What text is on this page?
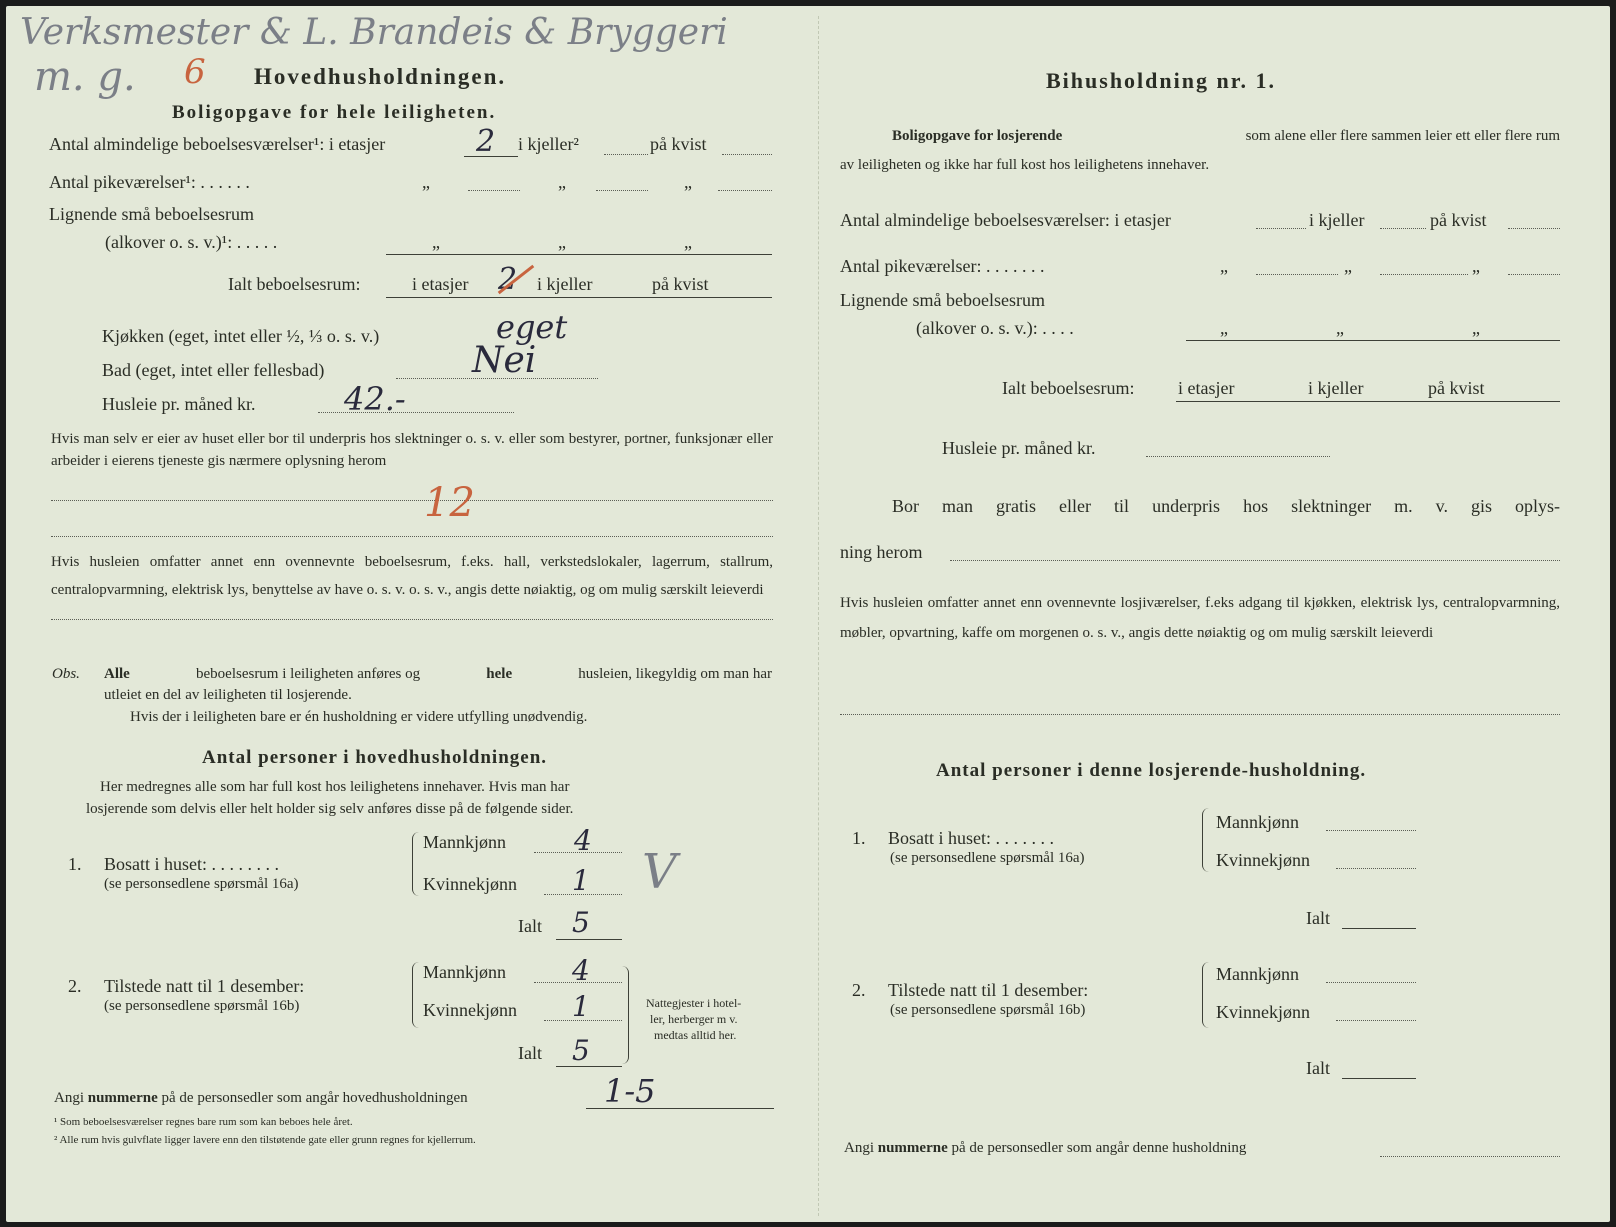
Verksmester & L. Brandeis & Bryggeri
m. g. 6 Hovedhusholdningen.
Boligopgave for hele leiligheten.
Antal almindelige beboelsesværelser¹: i etasjer	2 i kjeller²	på kvist
Antal pikeværelser¹: . . . . . .	„	„	„
Lignende små beboelsesrum
(alkover o. s. v.)¹: . . . . .	„	„	„
Ialt beboelsesrum:	i etasjer 2 i kjeller	på kvist
Kjøkken (eget, intet eller ½, ⅓ o. s. v.)	eget
Bad (eget, intet eller fellesbad)	Nei
Husleie pr. måned kr.	42.-
Hvis man selv er eier av huset eller bor til underpris hos slektninger o. s. v. eller som bestyrer, portner, funksjonær eller arbeider i eierens tjeneste gis nærmere oplysning herom
12
Hvis husleien omfatter annet enn ovennevnte beboelsesrum, f.eks. hall, verkstedslokaler, lagerrum, stallrum, centralopvarmning, elektrisk lys, benyttelse av have o. s. v. o. s. v., angis dette nøiaktig, og om mulig særskilt leieverdi
Obs. Alle	beboelsesrum i leiligheten anføres og	hele	husleien, likegyldig om man har
utleiet en del av leiligheten til losjerende.
Hvis der i leiligheten bare er én husholdning er videre utfylling unødvendig.
Antal personer i hovedhusholdningen.
Her medregnes alle som har full kost hos leilighetens innehaver. Hvis man har
losjerende som delvis eller helt holder sig selv anføres disse på de følgende sider.
1. Bosatt i huset: . . . . . . . .
(se personsedlene spørsmål 16a)
Mannkjønn 4
Kvinnekjønn 1
Ialt 5
V
2. Tilstede natt til 1 desember:
(se personsedlene spørsmål 16b)
Mannkjønn 4
Kvinnekjønn 1
Ialt 5
Nattegjester i hotel-
ler, herberger m v.
medtas alltid her.
Angi nummerne på de personsedler som angår hovedhusholdningen	1-5
¹ Som beboelsesværelser regnes bare rum som kan beboes hele året.
² Alle rum hvis gulvflate ligger lavere enn den tilstøtende gate eller grunn regnes for kjellerrum.
Bihusholdning nr. 1.
Boligopgave for losjerende	som alene eller flere sammen leier ett eller flere rum
av leiligheten og ikke har full kost hos leilighetens innehaver.
Antal almindelige beboelsesværelser: i etasjer	i kjeller	på kvist
Antal pikeværelser: . . . . . . .	„	„	„
Lignende små beboelsesrum
(alkover o. s. v.): . . . .	„	„	„
Ialt beboelsesrum: i etasjer	i kjeller	på kvist
Husleie pr. måned kr.
Bor man gratis eller til underpris hos slektninger m. v. gis oplys-
ning herom
Hvis husleien omfatter annet enn ovennevnte losjiværelser, f.eks adgang til kjøkken, elektrisk lys, centralopvarmning, møbler, opvartning, kaffe om morgenen o. s. v., angis dette nøiaktig og om mulig særskilt leieverdi
Antal personer i denne losjerende-husholdning.
1. Bosatt i huset: . . . . . . .
(se personsedlene spørsmål 16a)
Mannkjønn
Kvinnekjønn
Ialt
2. Tilstede natt til 1 desember:
(se personsedlene spørsmål 16b)
Mannkjønn
Kvinnekjønn
Ialt
Angi nummerne på de personsedler som angår denne husholdning
